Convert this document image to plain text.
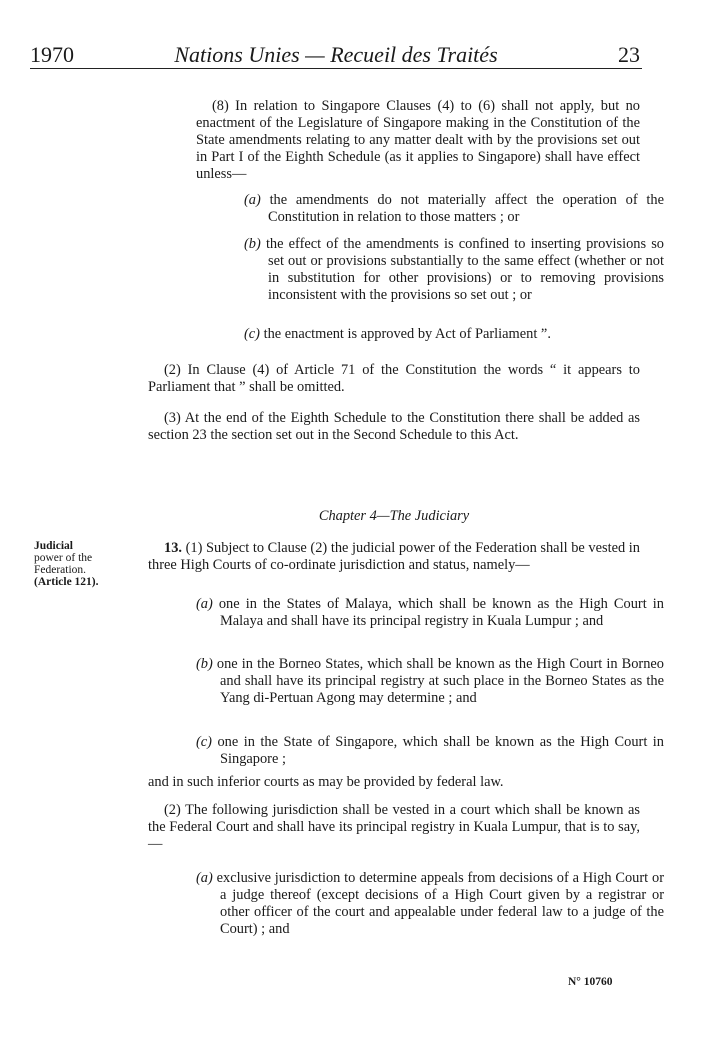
1970	Nations Unies — Recueil des Traités	23

(8) In relation to Singapore Clauses (4) to (6) shall not apply, but no enactment of the Legislature of Singapore making in the Constitution of the State amendments relating to any matter dealt with by the provisions set out in Part I of the Eighth Schedule (as it applies to Singapore) shall have effect unless—

(a) the amendments do not materially affect the operation of the Constitution in relation to those matters ; or
(b) the effect of the amendments is confined to inserting provisions so set out or provisions substantially to the same effect (whether or not in substitution for other provisions) or to removing provisions inconsistent with the provisions so set out ; or
(c) the enactment is approved by Act of Parliament ”.

(2) In Clause (4) of Article 71 of the Constitution the words “ it appears to Parliament that ” shall be omitted.

(3) At the end of the Eighth Schedule to the Constitution there shall be added as section 23 the section set out in the Second Schedule to this Act.

Chapter 4—The Judiciary
Judicial
power of the
Federation.
(Article 121).

13. (1) Subject to Clause (2) the judicial power of the Federation shall be vested in three High Courts of co-ordinate jurisdiction and status, namely—

(a) one in the States of Malaya, which shall be known as the High Court in Malaya and shall have its principal registry in Kuala Lumpur ; and
(b) one in the Borneo States, which shall be known as the High Court in Borneo and shall have its principal registry at such place in the Borneo States as the Yang di-Pertuan Agong may determine ; and
(c) one in the State of Singapore, which shall be known as the High Court in Singapore ;

and in such inferior courts as may be provided by federal law.

(2) The following jurisdiction shall be vested in a court which shall be known as the Federal Court and shall have its principal registry in Kuala Lumpur, that is to say,—

(a) exclusive jurisdiction to determine appeals from decisions of a High Court or a judge thereof (except decisions of a High Court given by a registrar or other officer of the court and appealable under federal law to a judge of the Court) ; and
N° 10760
